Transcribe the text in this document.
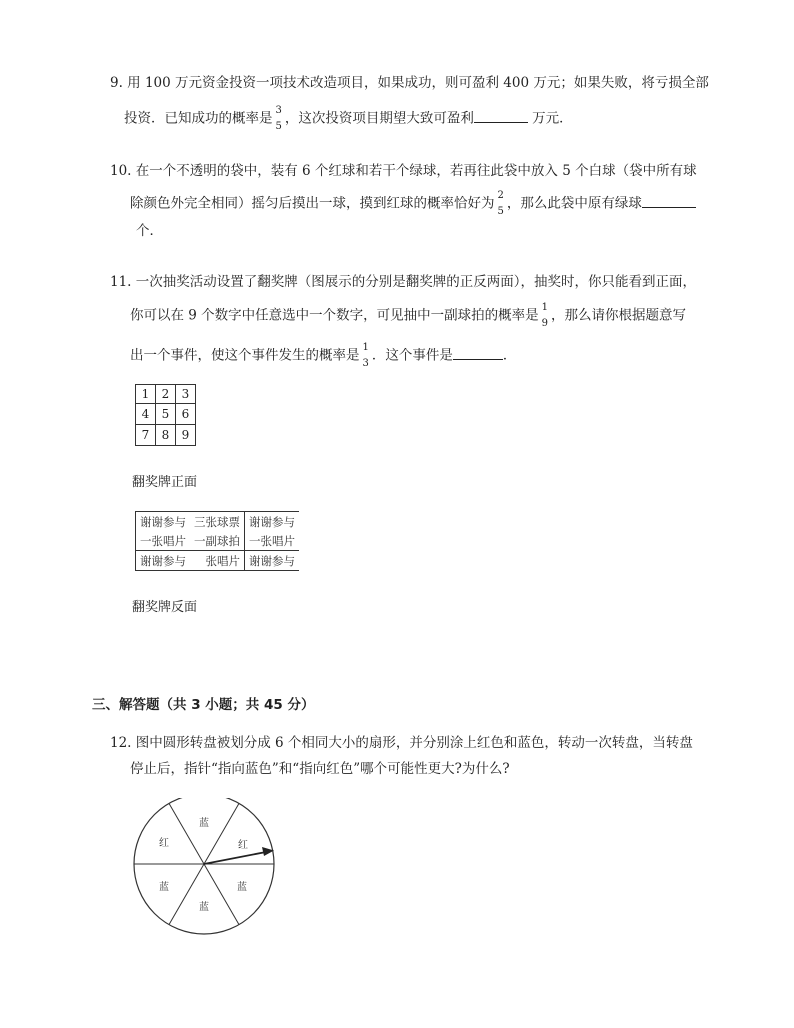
9. 用 100 万元资金投资一项技术改造项目，如果成功，则可盈利 400 万元；如果失败，将亏损全部
投资．已知成功的概率是 3
5 ，这次投资项目期望大致可盈利	万元．
10. 在一个不透明的袋中，装有 6 个红球和若干个绿球，若再往此袋中放入 5 个白球（袋中所有球
除颜色外完全相同）摇匀后摸出一球，摸到红球的概率恰好为 2
5 ，那么此袋中原有绿球
个．
11. 一次抽奖活动设置了翻奖牌（图展示的分别是翻奖牌的正反两面），抽奖时，你只能看到正面，
你可以在 9 个数字中任意选中一个数字，可见抽中一副球拍的概率是 1
9 ，那么请你根据题意写
出一个事件，使这个事件发生的概率是 1
3 ．这个事件是	．
1	2	3
4	5	6
7	8	9
翻奖牌正面
谢谢参与	三张球票	谢谢参与
一张唱片	一副球拍	一张唱片
谢谢参与	张唱片	谢谢参与
翻奖牌反面
三、解答题（共 3 小题；共 45 分）
12. 图中圆形转盘被划分成 6 个相同大小的扇形，并分别涂上红色和蓝色，转动一次转盘，当转盘
停止后，指针“指向蓝色”和“指向红色”哪个可能性更大?为什么?
蓝
红
蓝
蓝
红
蓝
